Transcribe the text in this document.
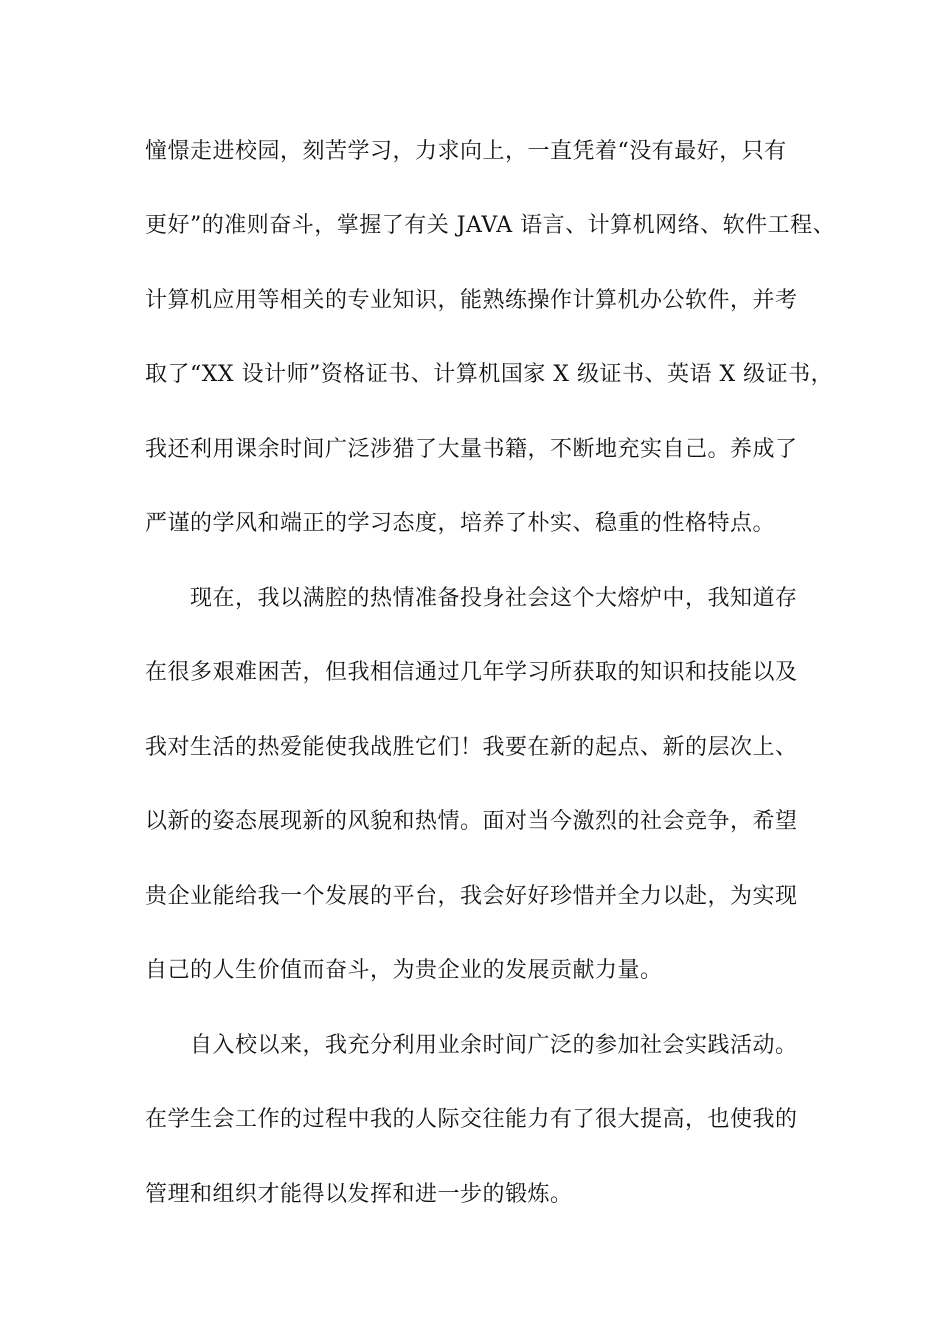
憧憬走进校园，刻苦学习，力求向上，一直凭着“没有最好，只有
更好”的准则奋斗，掌握了有关 JAVA 语言、计算机网络、软件工程、
计算机应用等相关的专业知识，能熟练操作计算机办公软件，并考
取了“XX 设计师”资格证书、计算机国家 X 级证书、英语 X 级证书，
我还利用课余时间广泛涉猎了大量书籍，不断地充实自己。养成了
严谨的学风和端正的学习态度，培养了朴实、稳重的性格特点。
现在，我以满腔的热情准备投身社会这个大熔炉中，我知道存
在很多艰难困苦，但我相信通过几年学习所获取的知识和技能以及
我对生活的热爱能使我战胜它们！我要在新的起点、新的层次上、
以新的姿态展现新的风貌和热情。面对当今激烈的社会竞争，希望
贵企业能给我一个发展的平台，我会好好珍惜并全力以赴，为实现
自己的人生价值而奋斗，为贵企业的发展贡献力量。
自入校以来，我充分利用业余时间广泛的参加社会实践活动。
在学生会工作的过程中我的人际交往能力有了很大提高，也使我的
管理和组织才能得以发挥和进一步的锻炼。
